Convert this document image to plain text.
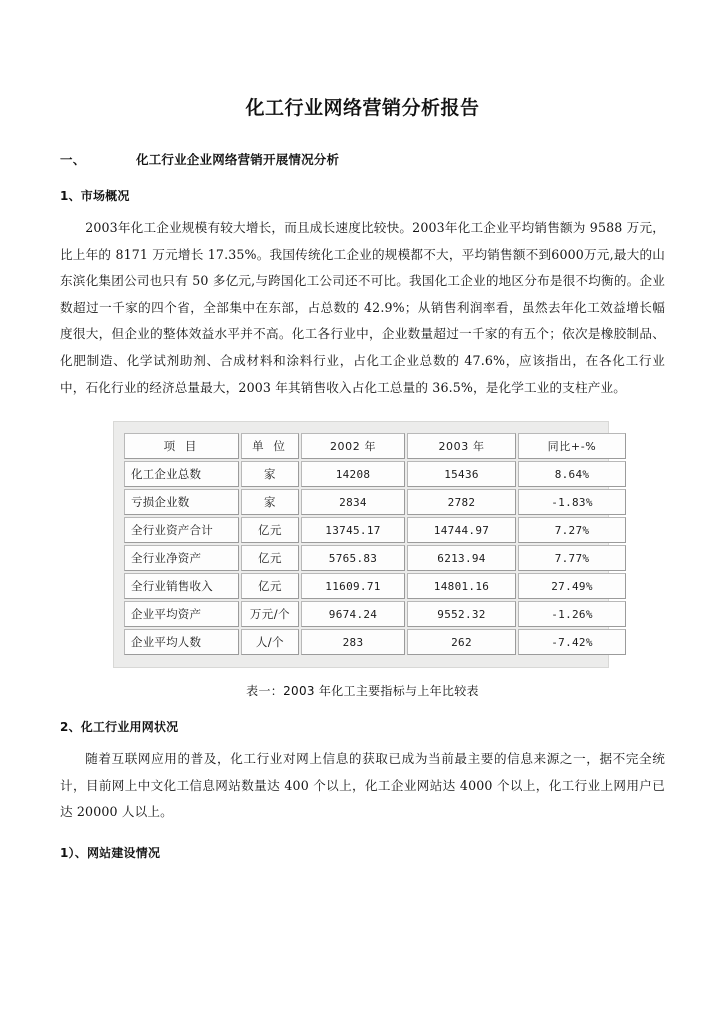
化工行业网络营销分析报告
一、	化工行业企业网络营销开展情况分析
1、市场概况

2003年化工企业规模有较大增长，而且成长速度比较快。2003年化工企业平均销售额为 9588 万元，比上年的 8171 万元增长 17.35%。我国传统化工企业的规模都不大，平均销售额不到6000万元,最大的山东滨化集团公司也只有 50 多亿元,与跨国化工公司还不可比。我国化工企业的地区分布是很不均衡的。企业数超过一千家的四个省，全部集中在东部，占总数的 42.9%；从销售利润率看，虽然去年化工效益增长幅度很大，但企业的整体效益水平并不高。化工各行业中，企业数量超过一千家的有五个；依次是橡胶制品、化肥制造、化学试剂助剂、合成材料和涂料行业，占化工企业总数的 47.6%，应该指出，在各化工行业中，石化行业的经济总量最大，2003 年其销售收入占化工总量的 36.5%，是化学工业的支柱产业。

项 目	单 位	2002 年	2003 年	同比+-%
化工企业总数	家	14208	15436	8.64%
亏损企业数	家	2834	2782	-1.83%
全行业资产合计	亿元	13745.17	14744.97	7.27%
全行业净资产	亿元	5765.83	6213.94	7.77%
全行业销售收入	亿元	11609.71	14801.16	27.49%
企业平均资产	万元/个	9674.24	9552.32	-1.26%
企业平均人数	人/个	283	262	-7.42%
表一：2003 年化工主要指标与上年比较表
2、化工行业用网状况

随着互联网应用的普及，化工行业对网上信息的获取已成为当前最主要的信息来源之一，据不完全统计，目前网上中文化工信息网站数量达 400 个以上，化工企业网站达 4000 个以上，化工行业上网用户已达 20000 人以上。

1）、网站建设情况
